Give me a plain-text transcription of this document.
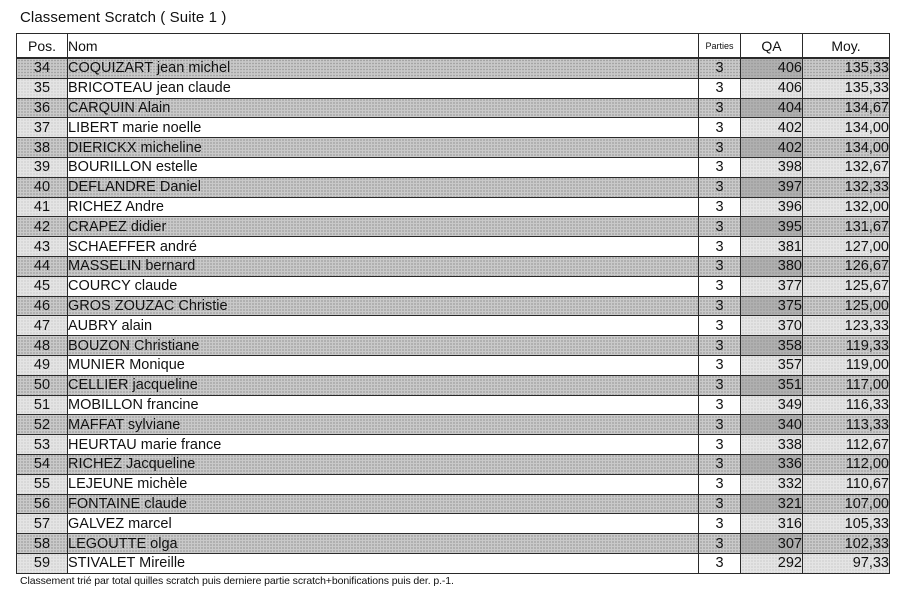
Classement Scratch ( Suite 1 )
Pos.	Nom	Parties	QA	Moy.
34	COQUIZART jean michel	3	406	135,33
35	BRICOTEAU jean claude	3	406	135,33
36	CARQUIN Alain	3	404	134,67
37	LIBERT marie noelle	3	402	134,00
38	DIERICKX micheline	3	402	134,00
39	BOURILLON estelle	3	398	132,67
40	DEFLANDRE Daniel	3	397	132,33
41	RICHEZ Andre	3	396	132,00
42	CRAPEZ didier	3	395	131,67
43	SCHAEFFER andré	3	381	127,00
44	MASSELIN bernard	3	380	126,67
45	COURCY claude	3	377	125,67
46	GROS ZOUZAC Christie	3	375	125,00
47	AUBRY alain	3	370	123,33
48	BOUZON Christiane	3	358	119,33
49	MUNIER Monique	3	357	119,00
50	CELLIER jacqueline	3	351	117,00
51	MOBILLON francine	3	349	116,33
52	MAFFAT sylviane	3	340	113,33
53	HEURTAU marie france	3	338	112,67
54	RICHEZ Jacqueline	3	336	112,00
55	LEJEUNE michèle	3	332	110,67
56	FONTAINE claude	3	321	107,00
57	GALVEZ marcel	3	316	105,33
58	LEGOUTTE olga	3	307	102,33
59	STIVALET Mireille	3	292	97,33
Classement trié par total quilles scratch puis derniere partie scratch+bonifications puis der. p.-1.
